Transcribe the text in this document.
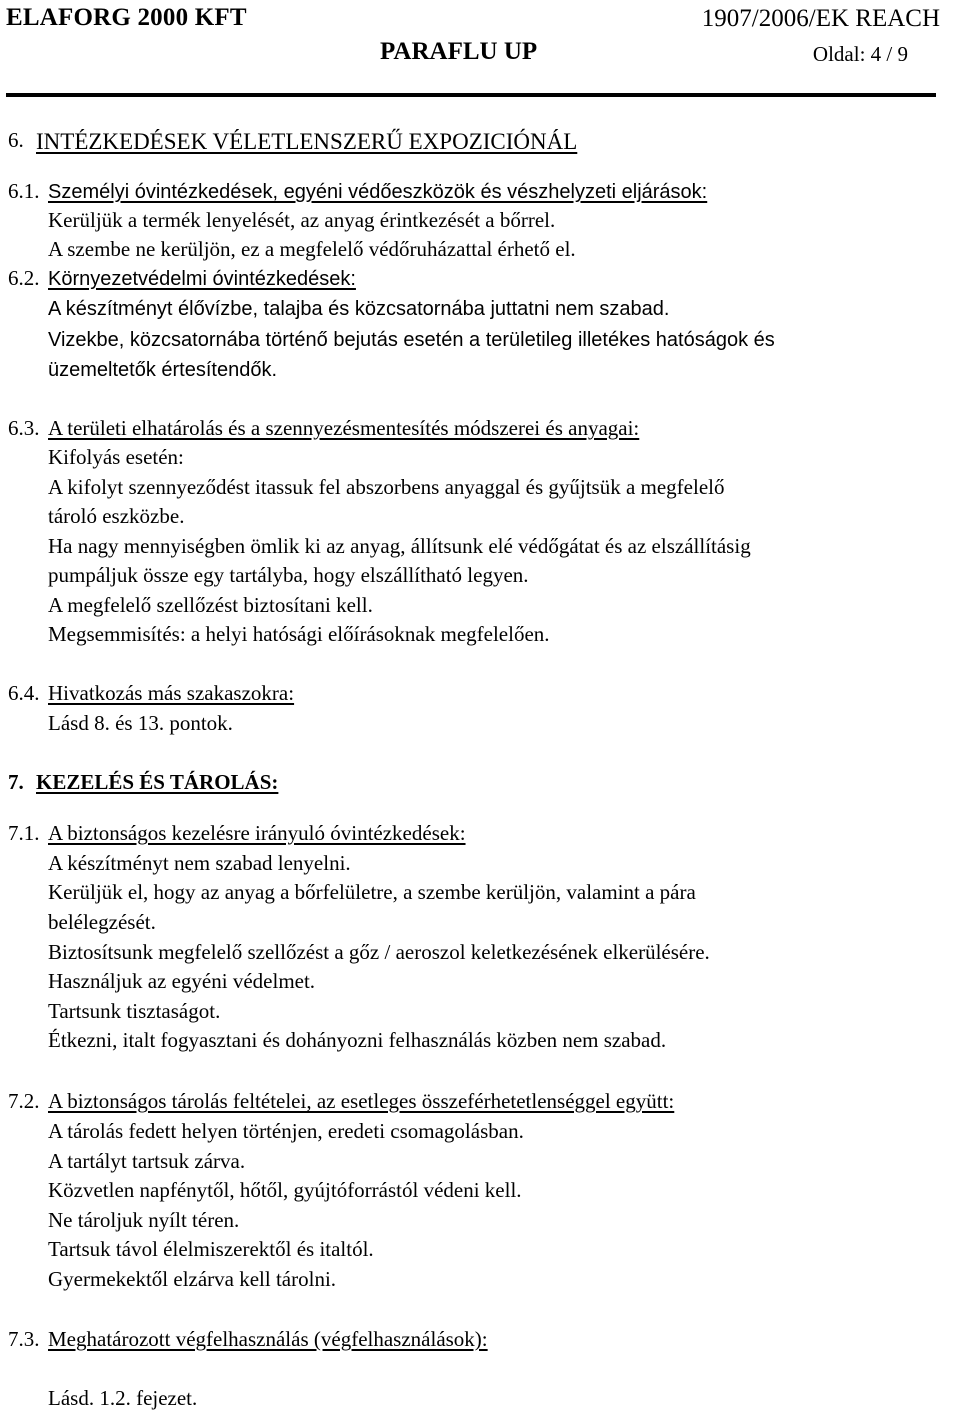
ELAFORG 2000 KFT	1907/2006/EK REACH
PARAFLU UP	Oldal: 4 / 9
6. INTÉZKEDÉSEK VÉLETLENSZERŰ EXPOZICIÓNÁL
6.1. Személyi óvintézkedések, egyéni védőeszközök és vészhelyzeti eljárások:
Kerüljük a termék lenyelését, az anyag érintkezését a bőrrel.
A szembe ne kerüljön, ez a megfelelő védőruházattal érhető el.
6.2. Környezetvédelmi óvintézkedések:
A készítményt élővízbe, talajba és közcsatornába juttatni nem szabad.
Vizekbe, közcsatornába történő bejutás esetén a területileg illetékes hatóságok és
üzemeltetők értesítendők.
6.3. A területi elhatárolás és a szennyezésmentesítés módszerei és anyagai:
Kifolyás esetén:
A kifolyt szennyeződést itassuk fel abszorbens anyaggal és gyűjtsük a megfelelő
tároló eszközbe.
Ha nagy mennyiségben ömlik ki az anyag, állítsunk elé védőgátat és az elszállításig
pumpáljuk össze egy tartályba, hogy elszállítható legyen.
A megfelelő szellőzést biztosítani kell.
Megsemmisítés: a helyi hatósági előírásoknak megfelelően.
6.4. Hivatkozás más szakaszokra:
Lásd 8. és 13. pontok.
7. KEZELÉS ÉS TÁROLÁS:
7.1. A biztonságos kezelésre irányuló óvintézkedések:
A készítményt nem szabad lenyelni.
Kerüljük el, hogy az anyag a bőrfelületre, a szembe kerüljön, valamint a pára
belélegzését.
Biztosítsunk megfelelő szellőzést a gőz / aeroszol keletkezésének elkerülésére.
Használjuk az egyéni védelmet.
Tartsunk tisztaságot.
Étkezni, italt fogyasztani és dohányozni felhasználás közben nem szabad.
7.2. A biztonságos tárolás feltételei, az esetleges összeférhetetlenséggel együtt:
A tárolás fedett helyen történjen, eredeti csomagolásban.
A tartályt tartsuk zárva.
Közvetlen napfénytől, hőtől, gyújtóforrástól védeni kell.
Ne tároljuk nyílt téren.
Tartsuk távol élelmiszerektől és italtól.
Gyermekektől elzárva kell tárolni.
7.3. Meghatározott végfelhasználás (végfelhasználások):
Lásd. 1.2. fejezet.
